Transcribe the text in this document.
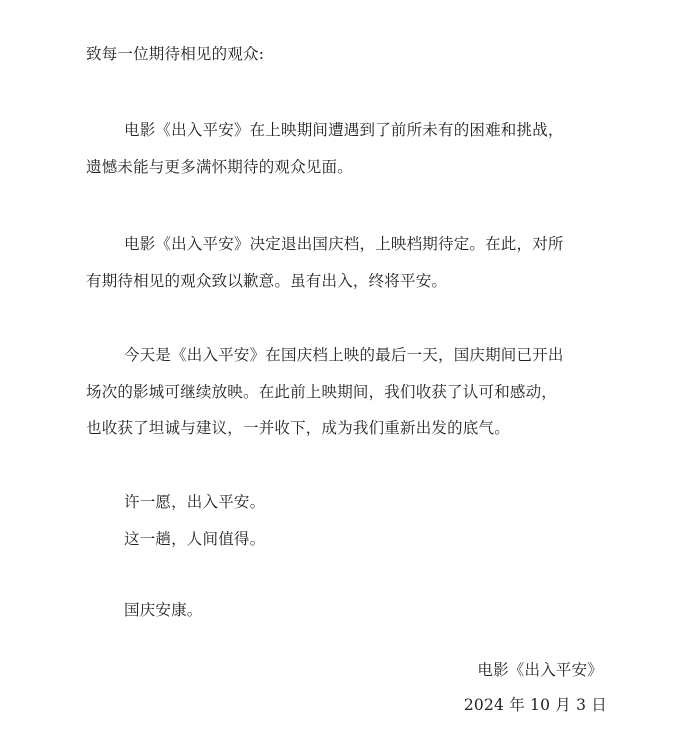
致每一位期待相见的观众:
电影《出入平安》在上映期间遭遇到了前所未有的困难和挑战，
遗憾未能与更多满怀期待的观众见面。
电影《出入平安》决定退出国庆档，上映档期待定。在此，对所
有期待相见的观众致以歉意。虽有出入，终将平安。
今天是《出入平安》在国庆档上映的最后一天，国庆期间已开出
场次的影城可继续放映。在此前上映期间，我们收获了认可和感动，
也收获了坦诚与建议，一并收下，成为我们重新出发的底气。
许一愿，出入平安。
这一趟，人间值得。
国庆安康。
电影《出入平安》
2024 年 10 月 3 日
